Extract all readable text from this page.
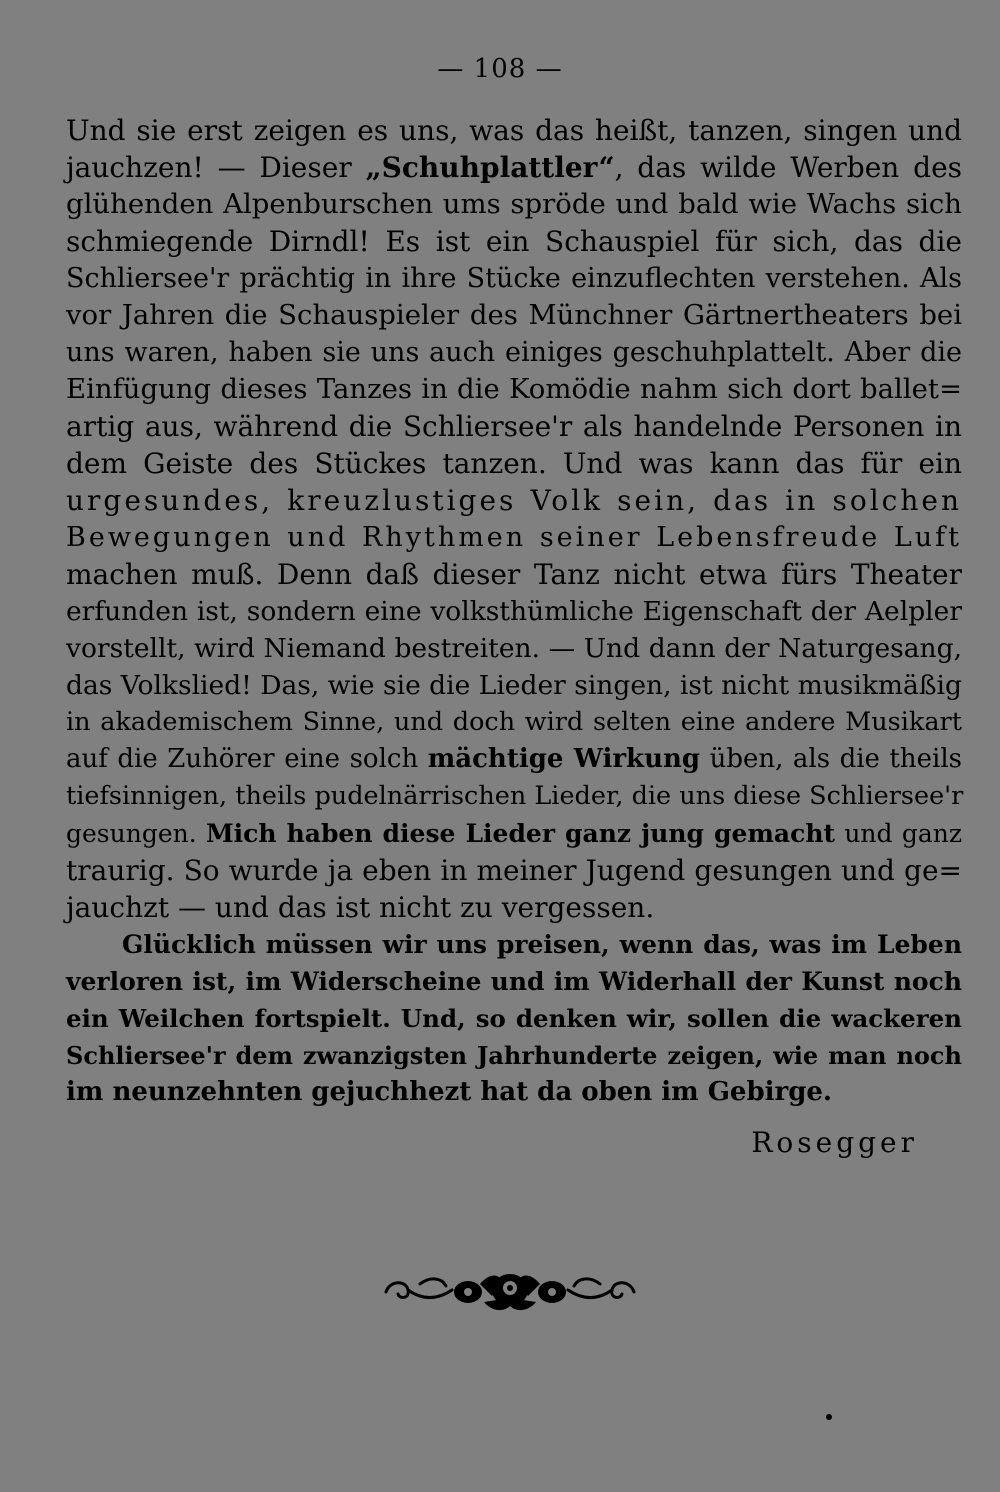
— 108 —
Und sie erst zeigen es uns, was das heißt, tanzen, singen und
jauchzen! — Dieser „Schuhplattler“, das wilde Werben des
glühenden Alpenburschen ums spröde und bald wie Wachs sich
schmiegende Dirndl! Es ist ein Schauspiel für sich, das die
Schliersee'r prächtig in ihre Stücke einzuflechten verstehen. Als
vor Jahren die Schauspieler des Münchner Gärtnertheaters bei
uns waren, haben sie uns auch einiges geschuhplattelt. Aber die
Einfügung dieses Tanzes in die Komödie nahm sich dort ballet=
artig aus, während die Schliersee'r als handelnde Personen in
dem Geiste des Stückes tanzen. Und was kann das für ein
urgesundes, kreuzlustiges Volk sein, das in solchen
Bewegungen und Rhythmen seiner Lebensfreude Luft
machen muß. Denn daß dieser Tanz nicht etwa fürs Theater
erfunden ist, sondern eine volksthümliche Eigenschaft der Aelpler
vorstellt, wird Niemand bestreiten. — Und dann der Naturgesang,
das Volkslied! Das, wie sie die Lieder singen, ist nicht musikmäßig
in akademischem Sinne, und doch wird selten eine andere Musikart
auf die Zuhörer eine solch mächtige Wirkung üben, als die theils
tiefsinnigen, theils pudelnärrischen Lieder, die uns diese Schliersee'r
gesungen. Mich haben diese Lieder ganz jung gemacht und ganz
traurig. So wurde ja eben in meiner Jugend gesungen und ge=
jauchzt — und das ist nicht zu vergessen.
Glücklich müssen wir uns preisen, wenn das, was im Leben
verloren ist, im Widerscheine und im Widerhall der Kunst noch
ein Weilchen fortspielt. Und, so denken wir, sollen die wackeren
Schliersee'r dem zwanzigsten Jahrhunderte zeigen, wie man noch
im neunzehnten gejuchhezt hat da oben im Gebirge.
Rosegger
